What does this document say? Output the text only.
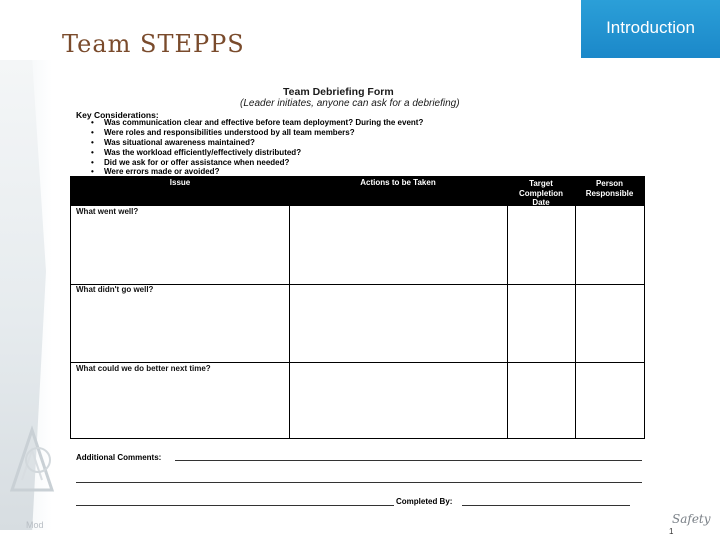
Mod
Team STEPPS
Introduction
Team Debriefing Form
(Leader initiates, anyone can ask for a debriefing)
Key Considerations:
• Was communication clear and effective before team deployment? During the event?
• Were roles and responsibilities understood by all team members?
• Was situational awareness maintained?
• Was the workload efficiently/effectively distributed?
• Did we ask for or offer assistance when needed?
• Were errors made or avoided?
Issue	Actions to be Taken	Target Completion Date
Person Responsible
What went well?
What didn't go well?
What could we do better next time?
Additional Comments:
Completed By:
Safety
1
